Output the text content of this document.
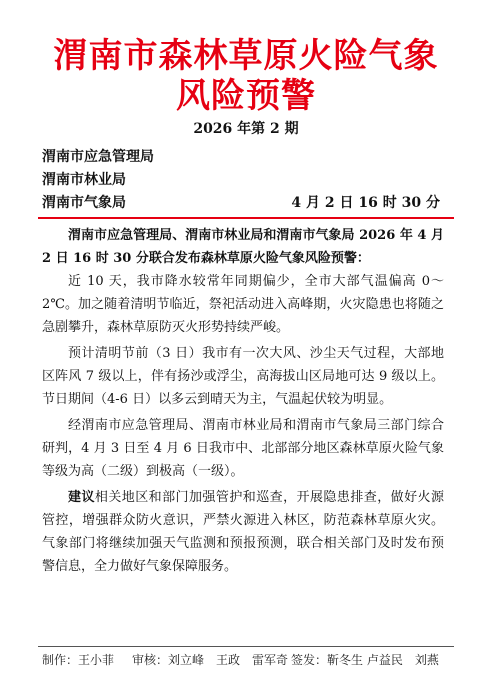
渭南市森林草原火险气象
风险预警
2026 年第 2 期
渭南市应急管理局
渭南市林业局
渭南市气象局	4 月 2 日 16 时 30 分

渭南市应急管理局、渭南市林业局和渭南市气象局 2026 年 4 月 2 日 16 时 30 分联合发布森林草原火险气象风险预警：

近 10 天，我市降水较常年同期偏少，全市大部气温偏高 0～2℃。加之随着清明节临近，祭祀活动进入高峰期，火灾隐患也将随之急剧攀升，森林草原防灭火形势持续严峻。

预计清明节前（3 日）我市有一次大风、沙尘天气过程，大部地区阵风 7 级以上，伴有扬沙或浮尘，高海拔山区局地可达 9 级以上。节日期间（4-6 日）以多云到晴天为主，气温起伏较为明显。

经渭南市应急管理局、渭南市林业局和渭南市气象局三部门综合研判，4 月 3 日至 4 月 6 日我市中、北部部分地区森林草原火险气象等级为高（二级）到极高（一级）。

建议相关地区和部门加强管护和巡查，开展隐患排查，做好火源管控，增强群众防火意识，严禁火源进入林区，防范森林草原火灾。气象部门将继续加强天气监测和预报预测，联合相关部门及时发布预警信息，全力做好气象保障服务。

制作：王小菲 审核：刘立峰　王政　雷军奇 签发：靳冬生 卢益民　刘燕
